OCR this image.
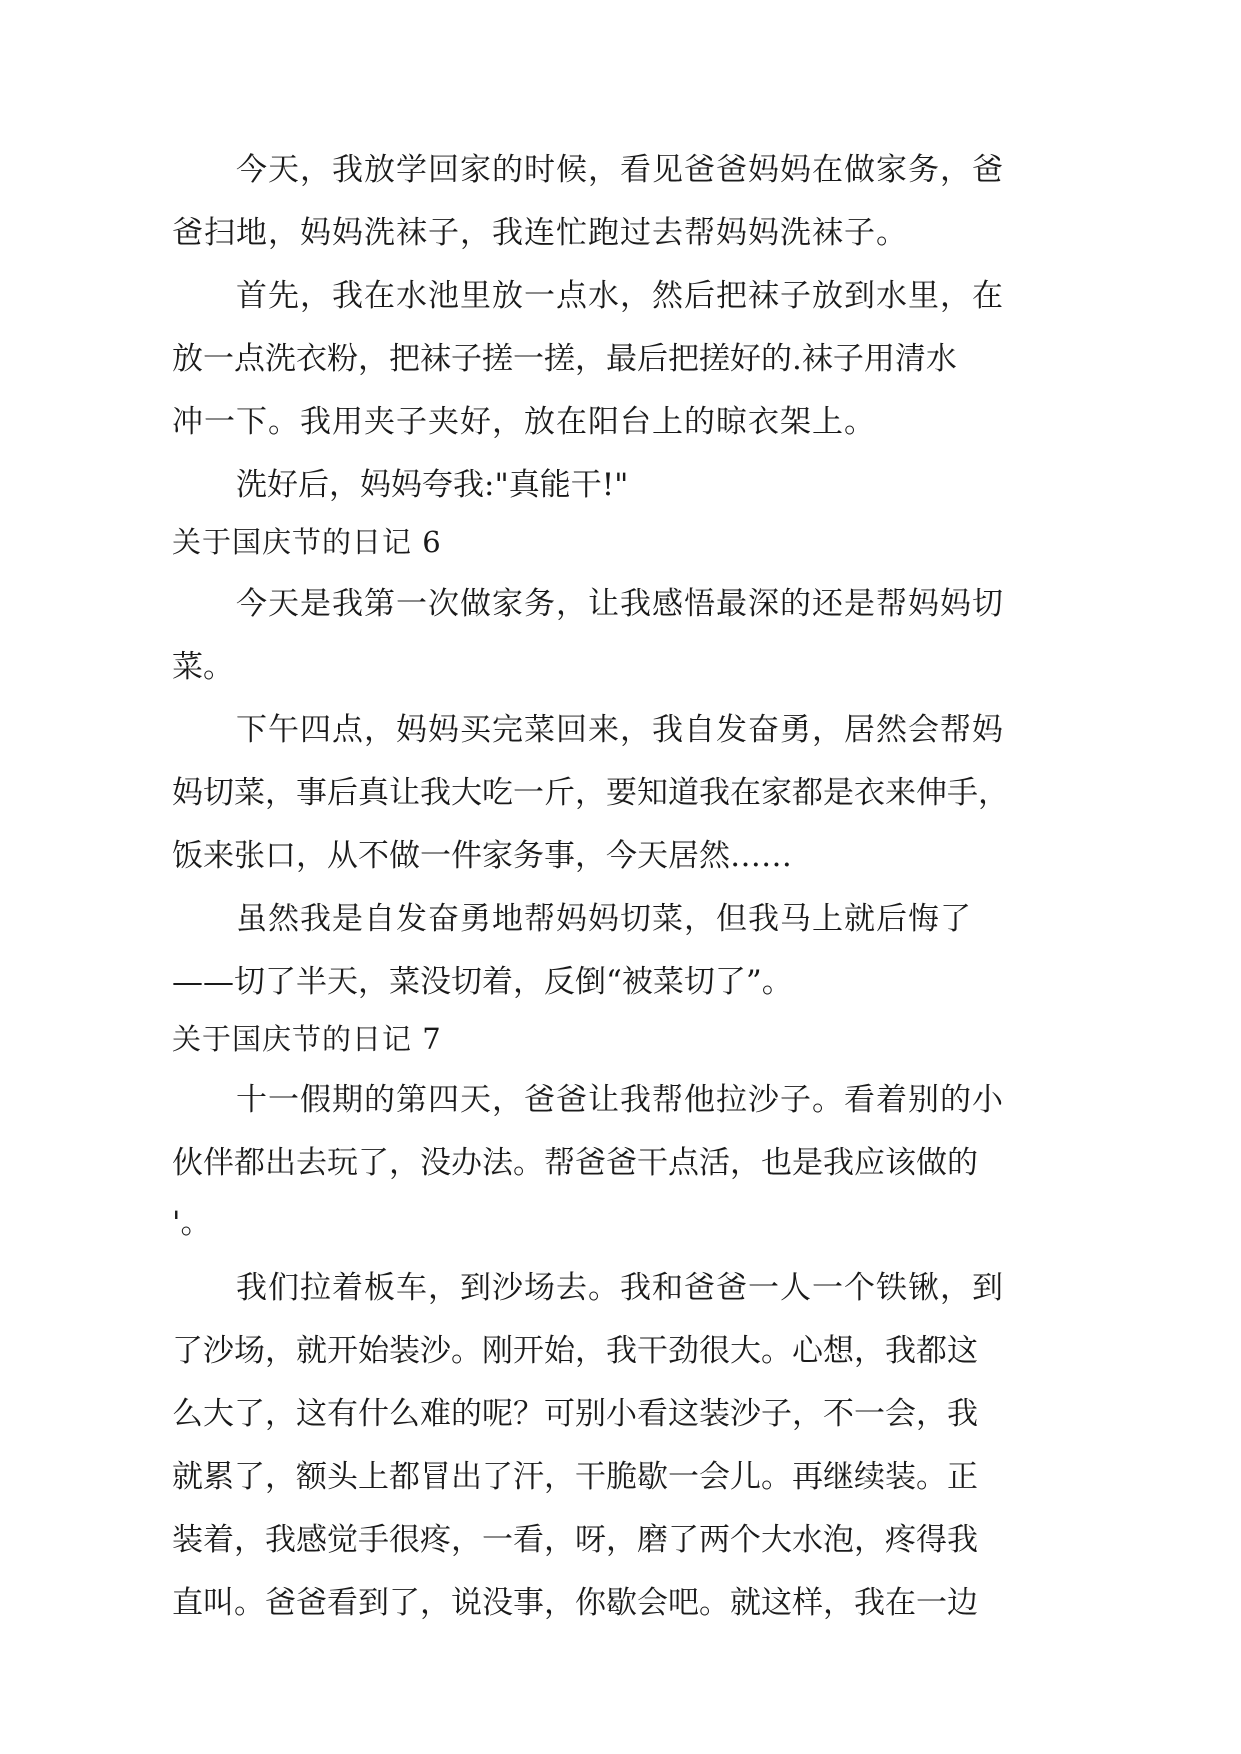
今天，我放学回家的时候，看见爸爸妈妈在做家务，爸
爸扫地，妈妈洗袜子，我连忙跑过去帮妈妈洗袜子。
首先，我在水池里放一点水，然后把袜子放到水里，在
放一点洗衣粉，把袜子搓一搓，最后把搓好的.袜子用清水
冲一下。我用夹子夹好，放在阳台上的晾衣架上。
洗好后，妈妈夸我:"真能干!"
关于国庆节的日记 6
今天是我第一次做家务，让我感悟最深的还是帮妈妈切
菜。
下午四点，妈妈买完菜回来，我自发奋勇，居然会帮妈
妈切菜，事后真让我大吃一斤，要知道我在家都是衣来伸手，
饭来张口，从不做一件家务事，今天居然……
虽然我是自发奋勇地帮妈妈切菜，但我马上就后悔了
——切了半天，菜没切着，反倒“被菜切了”。
关于国庆节的日记 7
十一假期的第四天，爸爸让我帮他拉沙子。看着别的小
伙伴都出去玩了，没办法。帮爸爸干点活，也是我应该做的
'。
我们拉着板车，到沙场去。我和爸爸一人一个铁锹，到
了沙场，就开始装沙。刚开始，我干劲很大。心想，我都这
么大了，这有什么难的呢？可别小看这装沙子，不一会，我
就累了，额头上都冒出了汗，干脆歇一会儿。再继续装。正
装着，我感觉手很疼，一看，呀，磨了两个大水泡，疼得我
直叫。爸爸看到了，说没事，你歇会吧。就这样，我在一边
